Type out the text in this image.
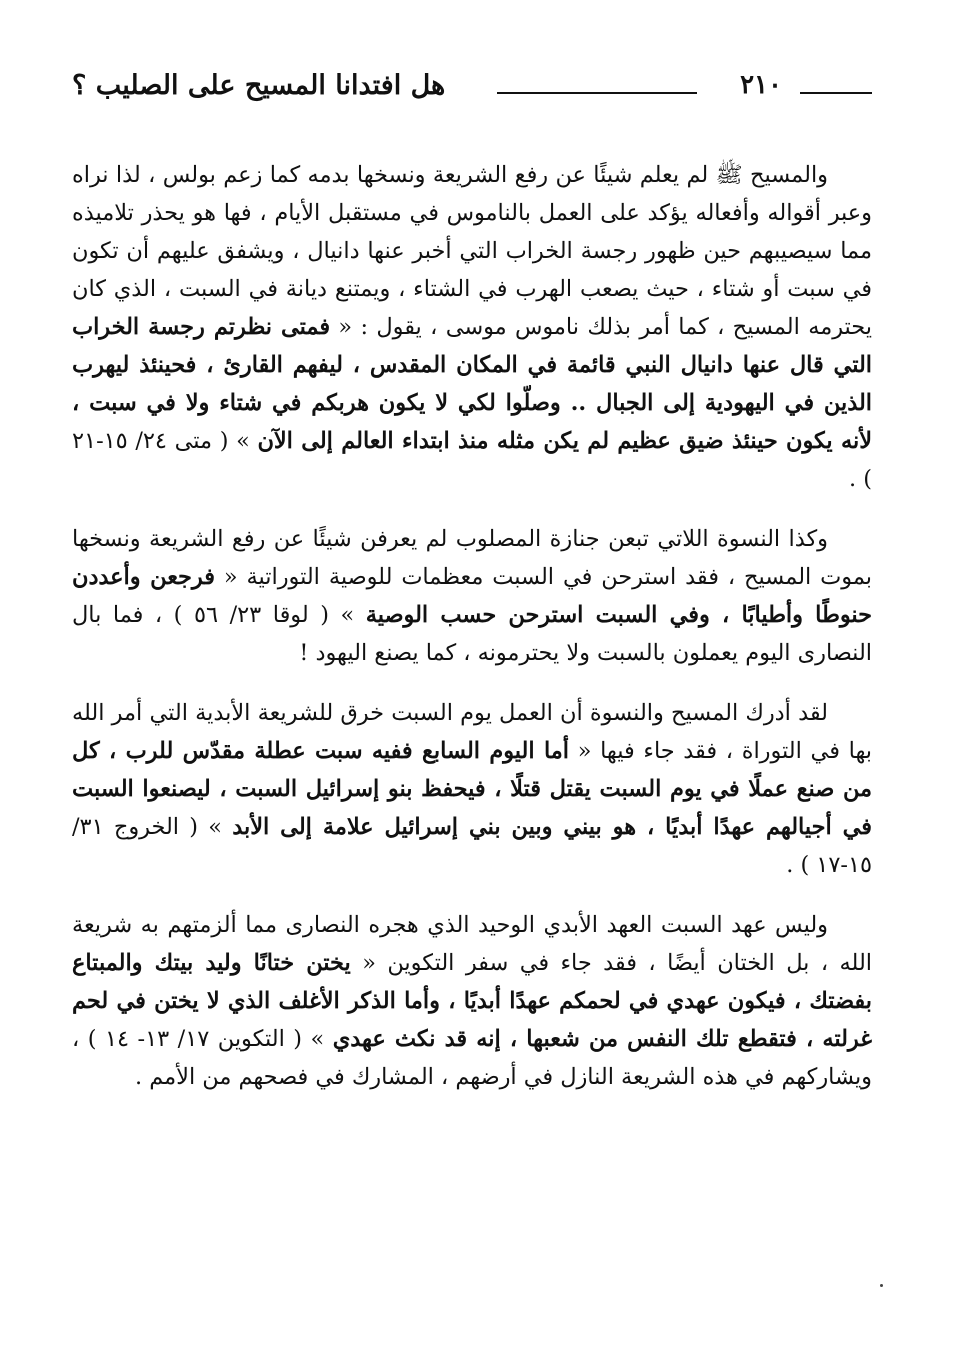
٢١٠
هل افتدانا المسيح على الصليب ؟

والمسيح ﷺ لم يعلم شيئًا عن رفع الشريعة ونسخها بدمه كما زعم بولس ، لذا نراه وعبر أقواله وأفعاله يؤكد على العمل بالناموس في مستقبل الأيام ، فها هو يحذر تلاميذه مما سيصيبهم حين ظهور رجسة الخراب التي أخبر عنها دانيال ، ويشفق عليهم أن تكون في سبت أو شتاء ، حيث يصعب الهرب في الشتاء ، ويمتنع ديانة في السبت ، الذي كان يحترمه المسيح ، كما أمر بذلك ناموس موسى ، يقول : « فمتى نظرتم رجسة الخراب التي قال عنها دانيال النبي قائمة في المكان المقدس ، ليفهم القارئ ، فحينئذ ليهرب الذين في اليهودية إلى الجبال .. وصلّوا لكي لا يكون هربكم في شتاء ولا في سبت ، لأنه يكون حينئذ ضيق عظيم لم يكن مثله منذ ابتداء العالم إلى الآن » ( متى ٢٤/ ١٥-٢١ ) .

وكذا النسوة اللاتي تبعن جنازة المصلوب لم يعرفن شيئًا عن رفع الشريعة ونسخها بموت المسيح ، فقد استرحن في السبت معظمات للوصية التوراتية « فرجعن وأعددن حنوطًا وأطيابًا ، وفي السبت استرحن حسب الوصية » ( لوقا ٢٣/ ٥٦ ) ، فما بال النصارى اليوم يعملون بالسبت ولا يحترمونه ، كما يصنع اليهود !

لقد أدرك المسيح والنسوة أن العمل يوم السبت خرق للشريعة الأبدية التي أمر الله بها في التوراة ، فقد جاء فيها « أما اليوم السابع ففيه سبت عطلة مقدّس للرب ، كل من صنع عملًا في يوم السبت يقتل قتلًا ، فيحفظ بنو إسرائيل السبت ، ليصنعوا السبت في أجيالهم عهدًا أبديًا ، هو بيني وبين بني إسرائيل علامة إلى الأبد » ( الخروج ٣١/ ١٥-١٧ ) .

وليس عهد السبت العهد الأبدي الوحيد الذي هجره النصارى مما ألزمتهم به شريعة الله ، بل الختان أيضًا ، فقد جاء في سفر التكوين « يختن ختانًا وليد بيتك والمبتاع بفضتك ، فيكون عهدي في لحمكم عهدًا أبديًا ، وأما الذكر الأغلف الذي لا يختن في لحم غرلته ، فتقطع تلك النفس من شعبها ، إنه قد نكث عهدي » ( التكوين ١٧/ ١٣- ١٤ ) ، ويشاركهم في هذه الشريعة النازل في أرضهم ، المشارك في فصحهم من الأمم .
